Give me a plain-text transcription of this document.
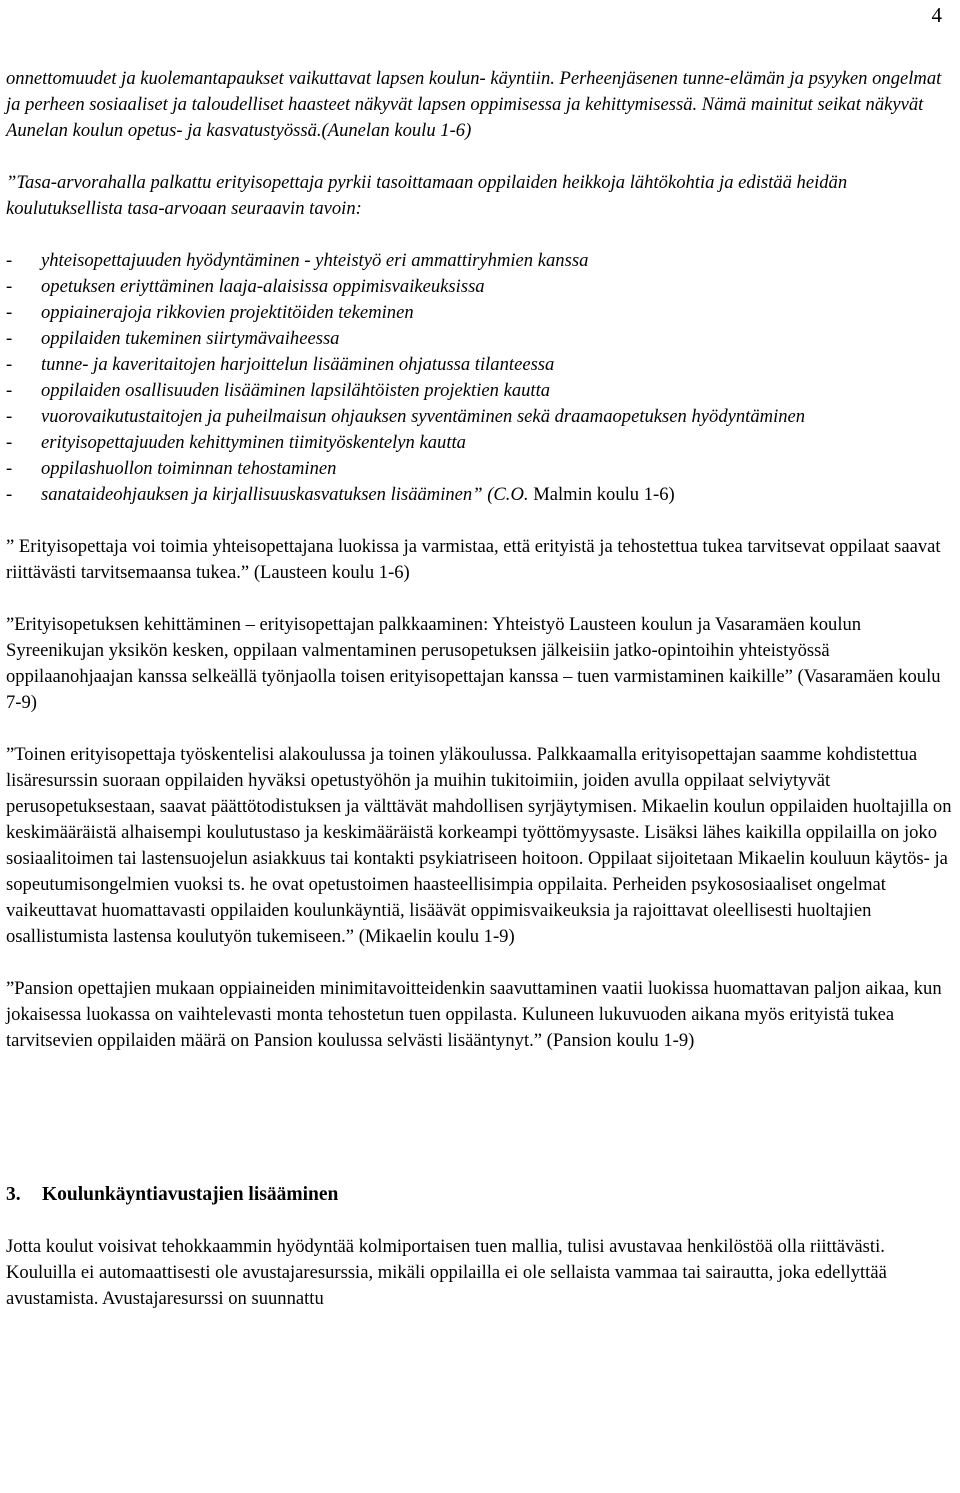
4

onnettomuudet ja kuolemantapaukset vaikuttavat lapsen koulun- käyntiin. Perheenjäsenen tunne-elämän ja psyyken ongelmat ja perheen sosiaaliset ja taloudelliset haasteet näkyvät lapsen oppimisessa ja kehittymisessä. Nämä mainitut seikat näkyvät Aunelan koulun opetus- ja kasvatustyössä.(Aunelan koulu 1-6)

”Tasa-arvorahalla palkattu erityisopettaja pyrkii tasoittamaan oppilaiden heikkoja lähtökohtia ja edistää heidän koulutuksellista tasa-arvoaan seuraavin tavoin:

- yhteisopettajuuden hyödyntäminen - yhteistyö eri ammattiryhmien kanssa
- opetuksen eriyttäminen laaja-alaisissa oppimisvaikeuksissa
- oppiainerajoja rikkovien projektitöiden tekeminen
- oppilaiden tukeminen siirtymävaiheessa
- tunne- ja kaveritaitojen harjoittelun lisääminen ohjatussa tilanteessa
- oppilaiden osallisuuden lisääminen lapsilähtöisten projektien kautta
- vuorovaikutustaitojen ja puheilmaisun ohjauksen syventäminen sekä draamaopetuksen hyödyntäminen
- erityisopettajuuden kehittyminen tiimityöskentelyn kautta
- oppilashuollon toiminnan tehostaminen
- sanataideohjauksen ja kirjallisuuskasvatuksen lisääminen” (C.O. Malmin koulu 1-6)

” Erityisopettaja voi toimia yhteisopettajana luokissa ja varmistaa, että erityistä ja tehostettua tukea tarvitsevat oppilaat saavat riittävästi tarvitsemaansa tukea.” (Lausteen koulu 1-6)

”Erityisopetuksen kehittäminen – erityisopettajan palkkaaminen: Yhteistyö Lausteen koulun ja Vasaramäen koulun Syreenikujan yksikön kesken, oppilaan valmentaminen perusopetuksen jälkeisiin jatko-opintoihin yhteistyössä oppilaanohjaajan kanssa selkeällä työnjaolla toisen erityisopettajan kanssa – tuen varmistaminen kaikille” (Vasaramäen koulu 7-9)

”Toinen erityisopettaja työskentelisi alakoulussa ja toinen yläkoulussa. Palkkaamalla erityisopettajan saamme kohdistettua lisäresurssin suoraan oppilaiden hyväksi opetustyöhön ja muihin tukitoimiin, joiden avulla oppilaat selviytyvät perusopetuksestaan, saavat päättötodistuksen ja välttävät mahdollisen syrjäytymisen. Mikaelin koulun oppilaiden huoltajilla on keskimääräistä alhaisempi koulutustaso ja keskimääräistä korkeampi työttömyysaste. Lisäksi lähes kaikilla oppilailla on joko sosiaalitoimen tai lastensuojelun asiakkuus tai kontakti psykiatriseen hoitoon. Oppilaat sijoitetaan Mikaelin kouluun käytös- ja sopeutumisongelmien vuoksi ts. he ovat opetustoimen haasteellisimpia oppilaita. Perheiden psykososiaaliset ongelmat vaikeuttavat huomattavasti oppilaiden koulunkäyntiä, lisäävät oppimisvaikeuksia ja rajoittavat oleellisesti huoltajien osallistumista lastensa koulutyön tukemiseen.” (Mikaelin koulu 1-9)

”Pansion opettajien mukaan oppiaineiden minimitavoitteidenkin saavuttaminen vaatii luokissa huomattavan paljon aikaa, kun jokaisessa luokassa on vaihtelevasti monta tehostetun tuen oppilasta. Kuluneen lukuvuoden aikana myös erityistä tukea tarvitsevien oppilaiden määrä on Pansion koulussa selvästi lisääntynyt.” (Pansion koulu 1-9)

3.	Koulunkäyntiavustajien lisääminen

Jotta koulut voisivat tehokkaammin hyödyntää kolmiportaisen tuen mallia, tulisi avustavaa henkilöstöä olla riittävästi. Kouluilla ei automaattisesti ole avustajaresurssia, mikäli oppilailla ei ole sellaista vammaa tai sairautta, joka edellyttää avustamista. Avustajaresurssi on suunnattu
